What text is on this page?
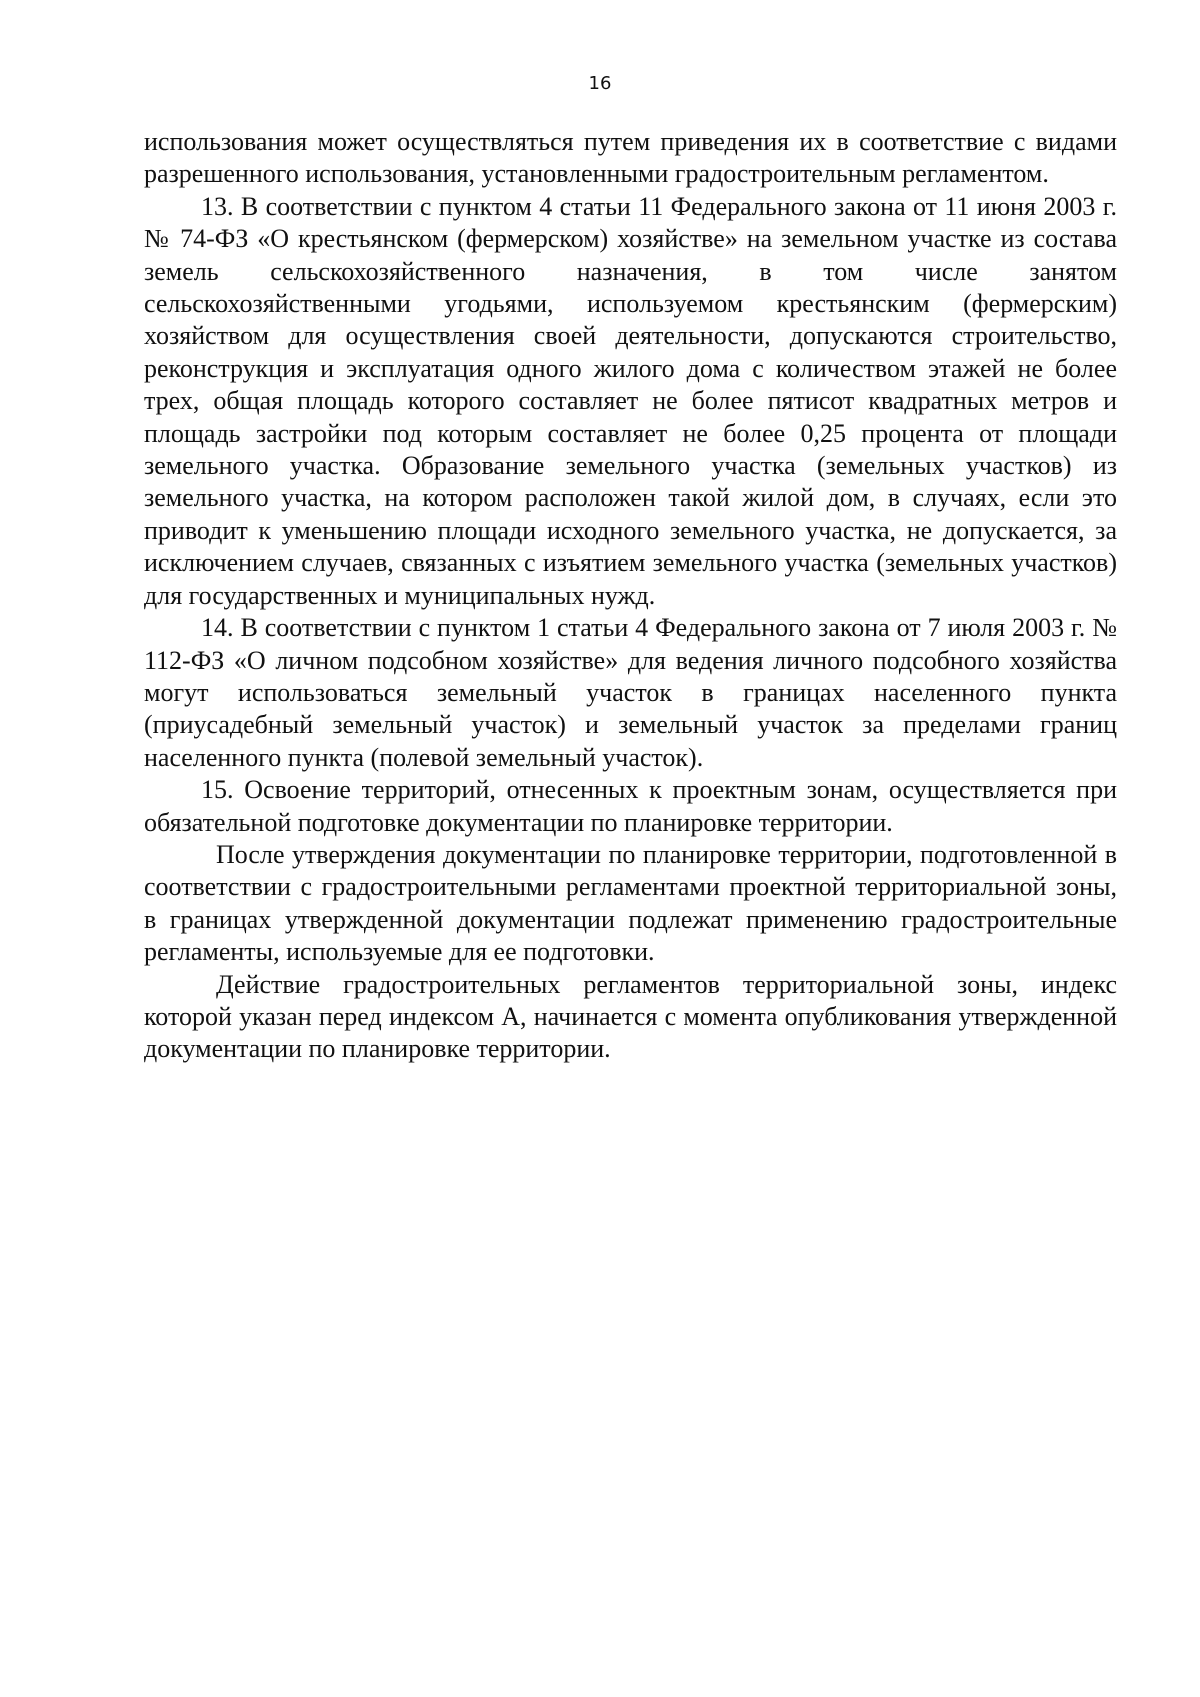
16

использования может осуществляться путем приведения их в соответствие с видами разрешенного использования, установленными градостроительным регламентом.

13. В соответствии с пунктом 4 статьи 11 Федерального закона от 11 июня 2003 г. № 74-ФЗ «О крестьянском (фермерском) хозяйстве» на земельном участке из состава земель сельскохозяйственного назначения, в том числе занятом сельскохозяйственными угодьями, используемом крестьянским (фермерским) хозяйством для осуществления своей деятельности, допускаются строительство, реконструкция и эксплуатация одного жилого дома с количеством этажей не более трех, общая площадь которого составляет не более пятисот квадратных метров и площадь застройки под которым составляет не более 0,25 процента от площади земельного участка. Образование земельного участка (земельных участков) из земельного участка, на котором расположен такой жилой дом, в случаях, если это приводит к уменьшению площади исходного земельного участка, не допускается, за исключением случаев, связанных с изъятием земельного участка (земельных участков) для государственных и муниципальных нужд.

14. В соответствии с пунктом 1 статьи 4 Федерального закона от 7 июля 2003 г. № 112-ФЗ «О личном подсобном хозяйстве» для ведения личного подсобного хозяйства могут использоваться земельный участок в границах населенного пункта (приусадебный земельный участок) и земельный участок за пределами границ населенного пункта (полевой земельный участок).

15. Освоение территорий, отнесенных к проектным зонам, осуществляется при обязательной подготовке документации по планировке территории.

После утверждения документации по планировке территории, подготовленной в соответствии с градостроительными регламентами проектной территориальной зоны, в границах утвержденной документации подлежат применению градостроительные регламенты, используемые для ее подготовки.

Действие градостроительных регламентов территориальной зоны, индекс которой указан перед индексом А, начинается с момента опубликования утвержденной документации по планировке территории.
